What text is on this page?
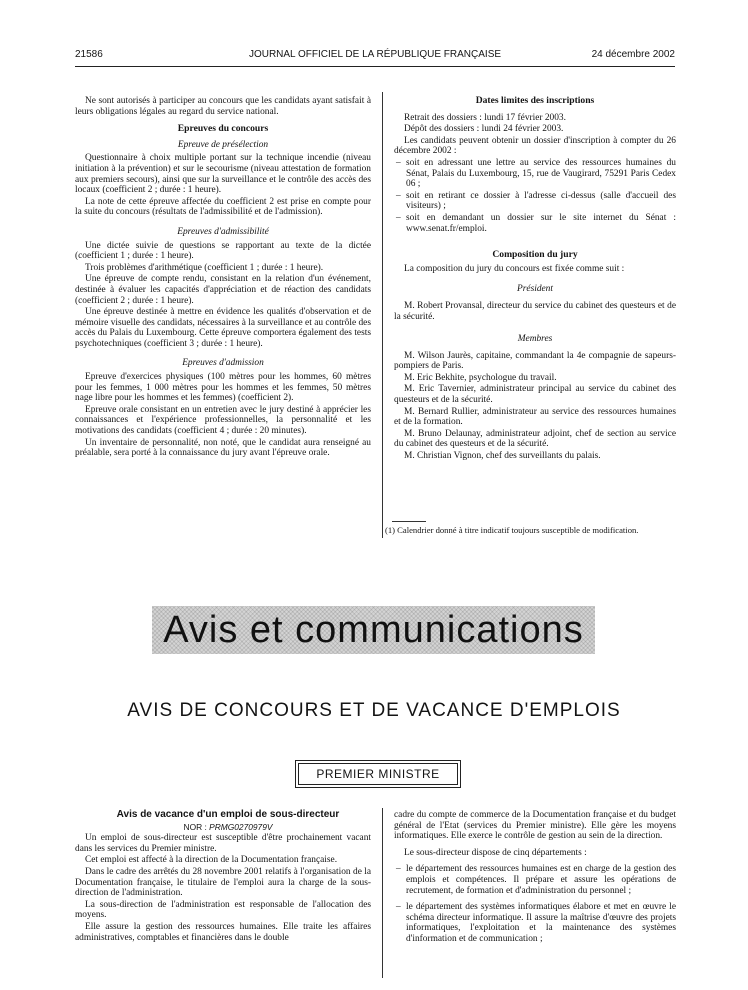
21586	JOURNAL OFFICIEL DE LA RÉPUBLIQUE FRANÇAISE	24 décembre 2002

Ne sont autorisés à participer au concours que les candidats ayant satisfait à leurs obligations légales au regard du service national.

Epreuves du concours

Epreuve de présélection

Questionnaire à choix multiple portant sur la technique incendie (niveau initiation à la prévention) et sur le secourisme (niveau attestation de formation aux premiers secours), ainsi que sur la surveillance et le contrôle des accès des locaux (coefficient 2 ; durée : 1 heure).

La note de cette épreuve affectée du coefficient 2 est prise en compte pour la suite du concours (résultats de l'admissibilité et de l'admission).

Epreuves d'admissibilité

Une dictée suivie de questions se rapportant au texte de la dictée (coefficient 1 ; durée : 1 heure).

Trois problèmes d'arithmétique (coefficient 1 ; durée : 1 heure).

Une épreuve de compte rendu, consistant en la relation d'un événement, destinée à évaluer les capacités d'appréciation et de réaction des candidats (coefficient 2 ; durée : 1 heure).

Une épreuve destinée à mettre en évidence les qualités d'observation et de mémoire visuelle des candidats, nécessaires à la surveillance et au contrôle des accès du Palais du Luxembourg. Cette épreuve comportera également des tests psychotechniques (coefficient 3 ; durée : 1 heure).

Epreuves d'admission

Epreuve d'exercices physiques (100 mètres pour les hommes, 60 mètres pour les femmes, 1 000 mètres pour les hommes et les femmes, 50 mètres nage libre pour les hommes et les femmes) (coefficient 2).

Epreuve orale consistant en un entretien avec le jury destiné à apprécier les connaissances et l'expérience professionnelles, la personnalité et les motivations des candidats (coefficient 4 ; durée : 20 minutes).

Un inventaire de personnalité, non noté, que le candidat aura renseigné au préalable, sera porté à la connaissance du jury avant l'épreuve orale.

Dates limites des inscriptions

Retrait des dossiers : lundi 17 février 2003.

Dépôt des dossiers : lundi 24 février 2003.

Les candidats peuvent obtenir un dossier d'inscription à compter du 26 décembre 2002 :

– soit en adressant une lettre au service des ressources humaines du Sénat, Palais du Luxembourg, 15, rue de Vaugirard, 75291 Paris Cedex 06 ;
– soit en retirant ce dossier à l'adresse ci-dessus (salle d'accueil des visiteurs) ;
– soit en demandant un dossier sur le site internet du Sénat : www.senat.fr/emploi.
Composition du jury

La composition du jury du concours est fixée comme suit :

Président

M. Robert Provansal, directeur du service du cabinet des questeurs et de la sécurité.

Membres

M. Wilson Jaurès, capitaine, commandant la 4e compagnie de sapeurs-pompiers de Paris.

M. Eric Bekhite, psychologue du travail.

M. Eric Tavernier, administrateur principal au service du cabinet des questeurs et de la sécurité.

M. Bernard Rullier, administrateur au service des ressources humaines et de la formation.

M. Bruno Delaunay, administrateur adjoint, chef de section au service du cabinet des questeurs et de la sécurité.

M. Christian Vignon, chef des surveillants du palais.

(1) Calendrier donné à titre indicatif toujours susceptible de modification.
Avis et communications
AVIS DE CONCOURS ET DE VACANCE D'EMPLOIS
PREMIER MINISTRE

Avis de vacance d'un emploi de sous-directeur

NOR : PRMG0270979V

Un emploi de sous-directeur est susceptible d'être prochainement vacant dans les services du Premier ministre.

Cet emploi est affecté à la direction de la Documentation française.

Dans le cadre des arrêtés du 28 novembre 2001 relatifs à l'organisation de la Documentation française, le titulaire de l'emploi aura la charge de la sous-direction de l'administration.

La sous-direction de l'administration est responsable de l'allocation des moyens.

Elle assure la gestion des ressources humaines. Elle traite les affaires administratives, comptables et financières dans le double

cadre du compte de commerce de la Documentation française et du budget général de l'Etat (services du Premier ministre). Elle gère les moyens informatiques. Elle exerce le contrôle de gestion au sein de la direction.

Le sous-directeur dispose de cinq départements :

– le département des ressources humaines est en charge de la gestion des emplois et compétences. Il prépare et assure les opérations de recrutement, de formation et d'administration du personnel ;
– le département des systèmes informatiques élabore et met en œuvre le schéma directeur informatique. Il assure la maîtrise d'œuvre des projets informatiques, l'exploitation et la maintenance des systèmes d'information et de communication ;
